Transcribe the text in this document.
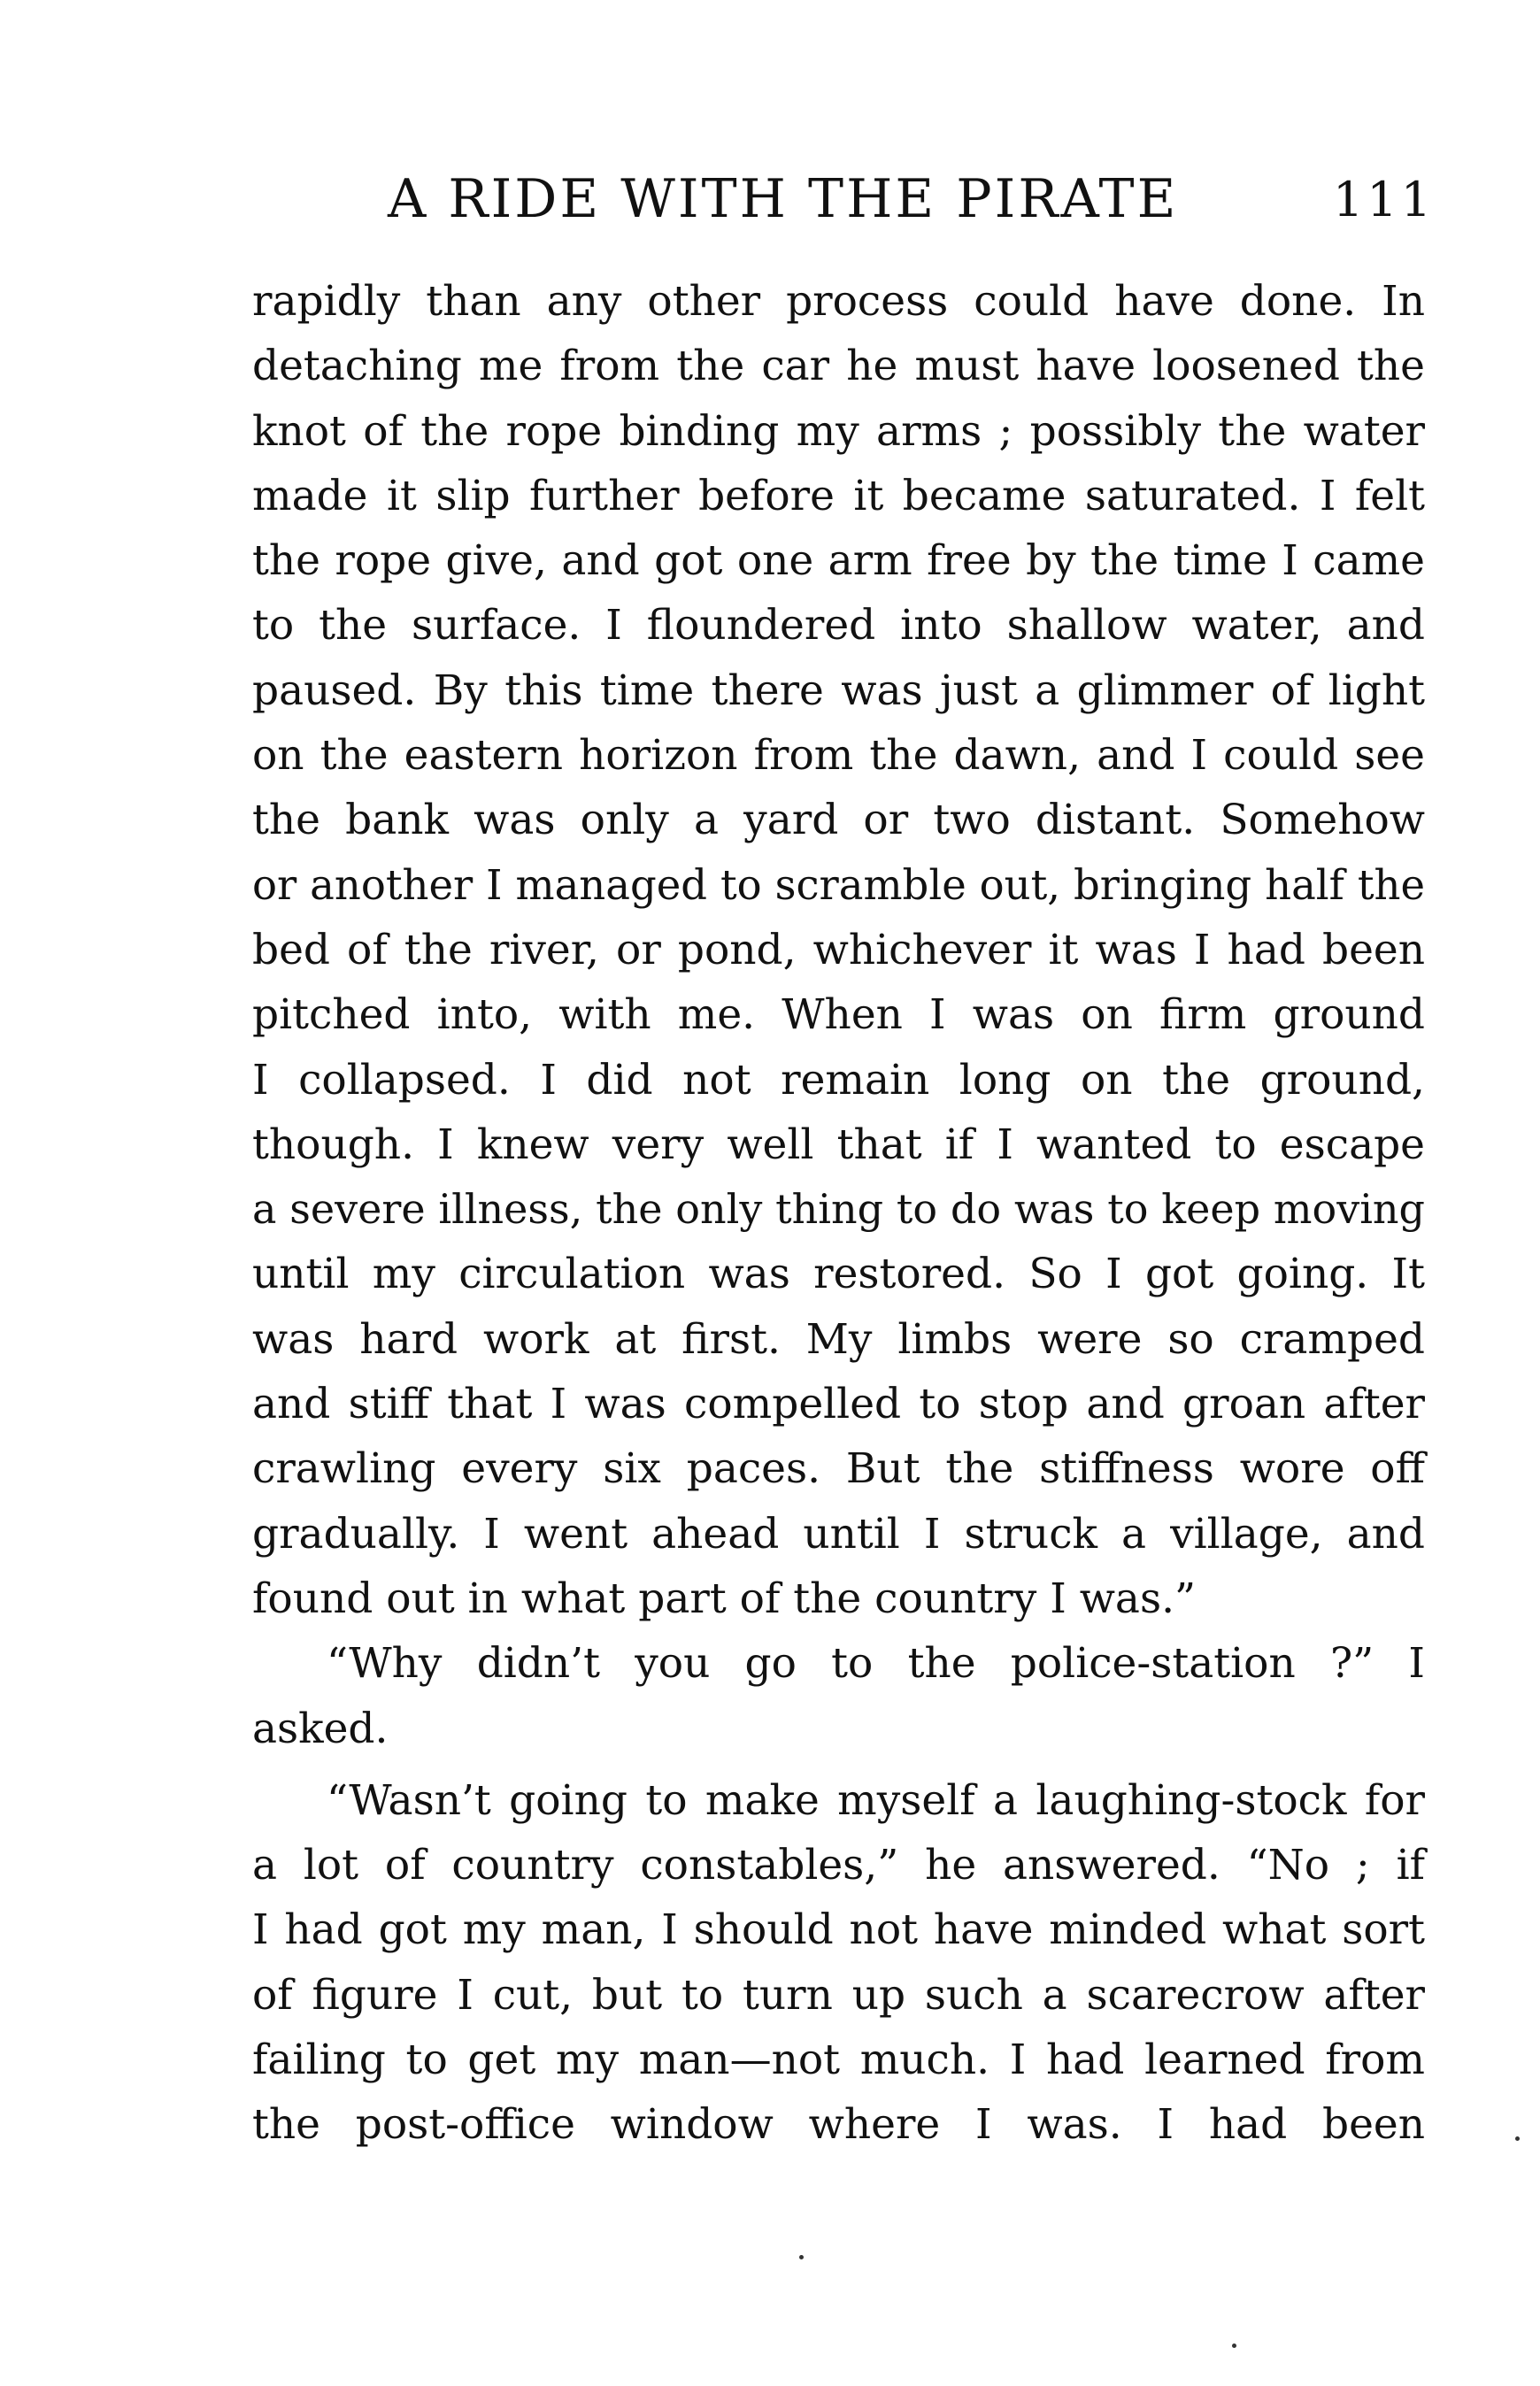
A RIDE WITH THE PIRATE	111
rapidly than any other process could have done. In
detaching me from the car he must have loosened the
knot of the rope binding my arms ; possibly the water
made it slip further before it became saturated. I felt
the rope give, and got one arm free by the time I came
to the surface. I floundered into shallow water, and
paused. By this time there was just a glimmer of light
on the eastern horizon from the dawn, and I could see
the bank was only a yard or two distant. Somehow
or another I managed to scramble out, bringing half the
bed of the river, or pond, whichever it was I had been
pitched into, with me. When I was on firm ground
I collapsed. I did not remain long on the ground,
though. I knew very well that if I wanted to escape
a severe illness, the only thing to do was to keep moving
until my circulation was restored. So I got going. It
was hard work at first. My limbs were so cramped
and stiff that I was compelled to stop and groan after
crawling every six paces. But the stiffness wore off
gradually. I went ahead until I struck a village, and
found out in what part of the country I was.”
“Why didn’t you go to the police-station ?” I
asked.
“Wasn’t going to make myself a laughing-stock for
a lot of country constables,” he answered. “No ; if
I had got my man, I should not have minded what sort
of figure I cut, but to turn up such a scarecrow after
failing to get my man—not much. I had learned from
the post-office window where I was. I had been
